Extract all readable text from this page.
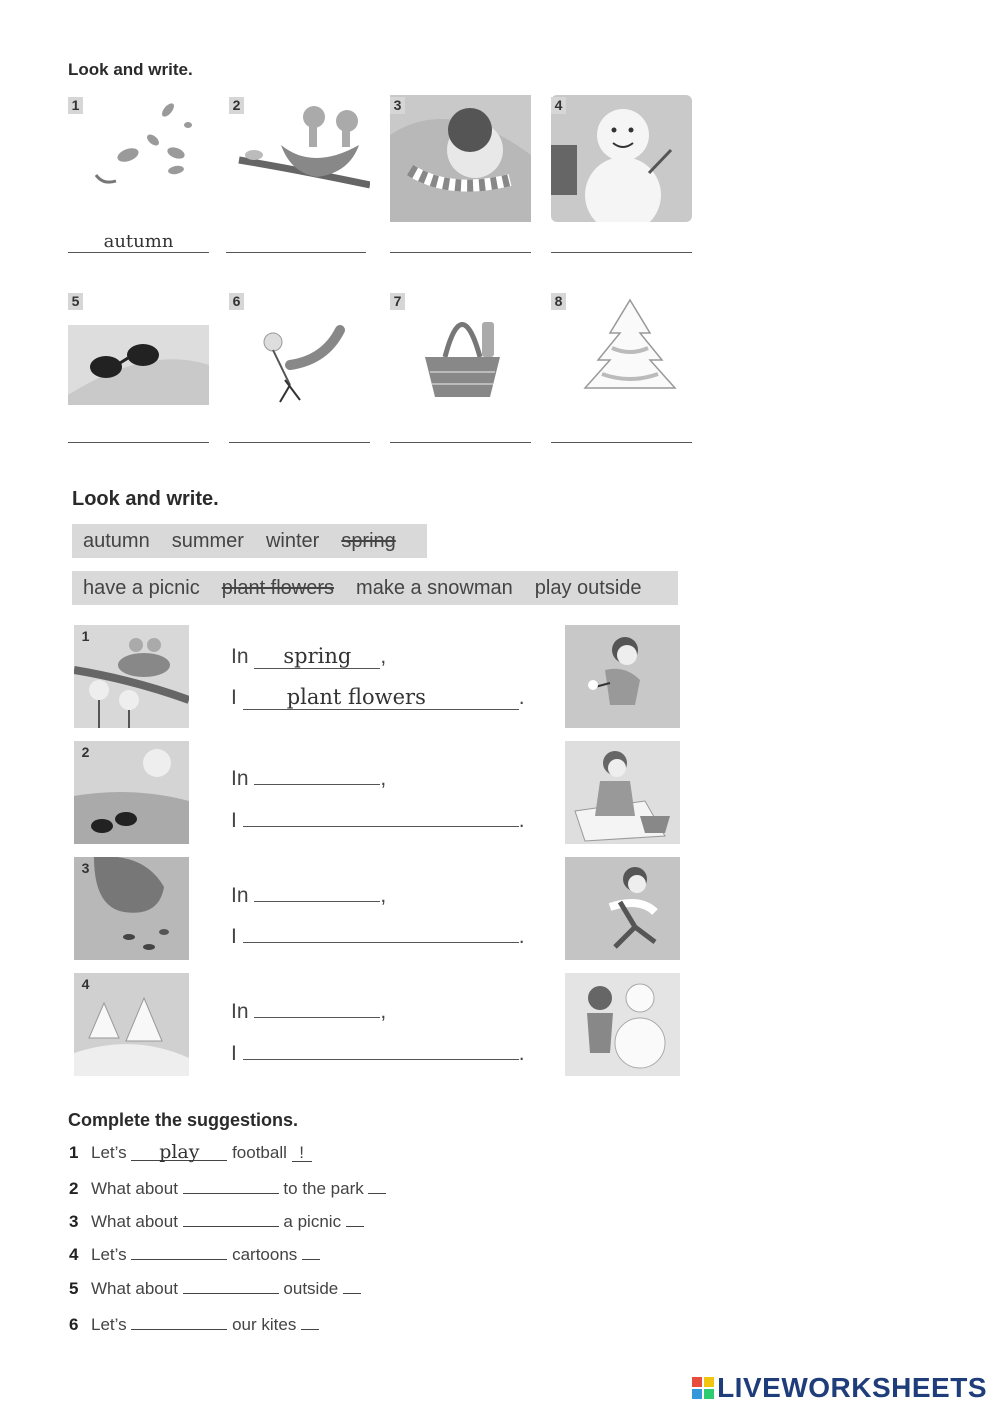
Look and write.
1
autumn
2	3	4
5	6	7	8
Look and write.
autumn	summer	winter	spring
have a picnic	plant flowers	make a snowman	play outside
1
In spring ,
I plant flowers	.
2
In	,
I	.
3
In	,
I	.
4
In	,
I	.
Complete the suggestions.
1 Let’s play football !
2 What about	to the park
3 What about	a picnic
4 Let’s	cartoons
5 What about	outside
6 Let’s	our kites
LIVEWORKSHEETS
